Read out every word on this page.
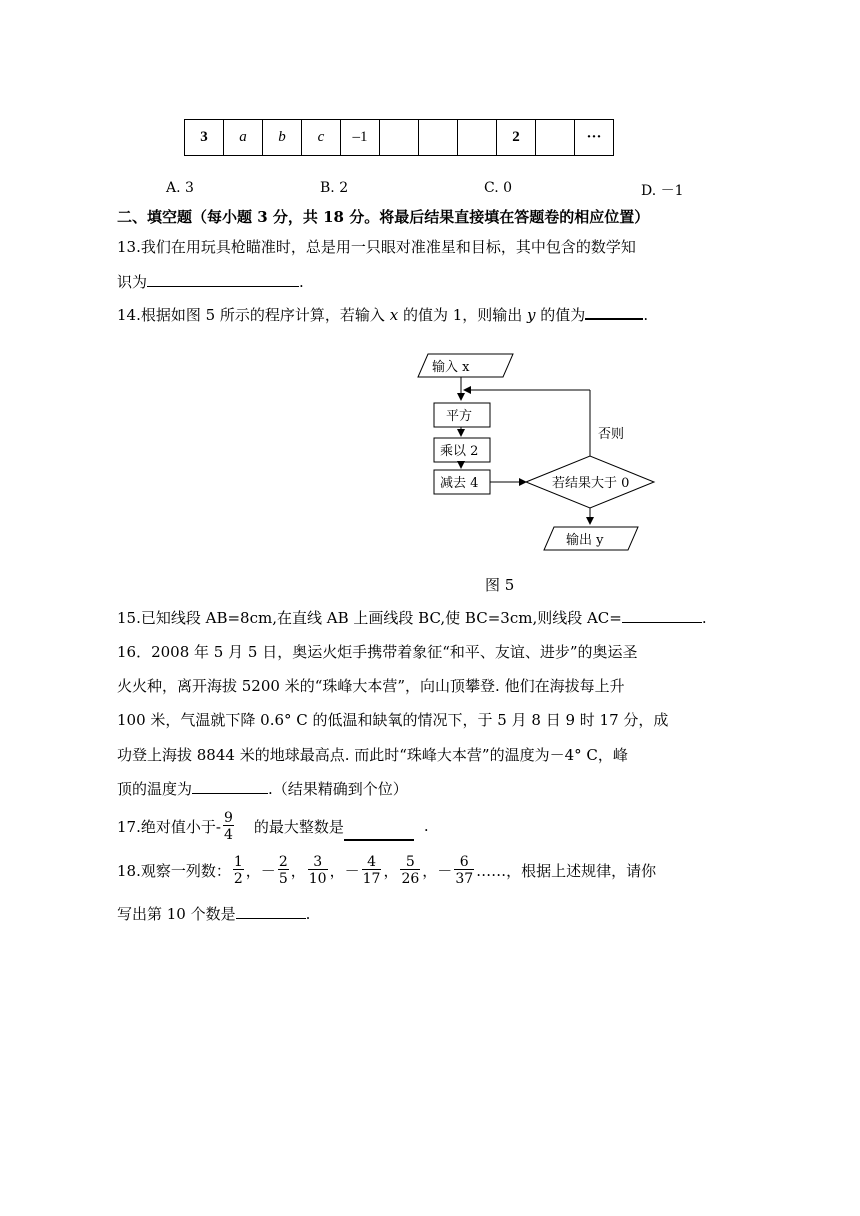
3	a	b	c	–1				2		···
A. 3	B. 2	C. 0	D. －1
二、填空题（每小题 3 分，共 18 分。将最后结果直接填在答题卷的相应位置）
13.我们在用玩具枪瞄准时，总是用一只眼对准准星和目标，其中包含的数学知
识为	.
14.根据如图 5 所示的程序计算，若输入 x 的值为 1，则输出 y 的值为	.
输入 x
平方
乘以 2
减去 4	若结果大于 0
否则
输出 y
图 5
15.已知线段 AB=8cm,在直线 AB 上画线段 BC,使 BC=3cm,则线段 AC=	.
16．2008 年 5 月 5 日，奥运火炬手携带着象征“和平、友谊、进步”的奥运圣
火火种，离开海拔 5200 米的“珠峰大本营”，向山顶攀登. 他们在海拔每上升
100 米，气温就下降 0.6° C 的低温和缺氧的情况下，于 5 月 8 日 9 时 17 分，成
功登上海拔 8844 米的地球最高点. 而此时“珠峰大本营”的温度为－4° C，峰
顶的温度为	.（结果精确到个位）
17.绝对值小于- $\frac{9}{4}$ 的最大整数是	.
18.观察一列数： $\frac{1}{2}$ ， － $\frac{2}{5}$ ， $\frac{3}{10}$ ， － $\frac{4}{17}$ ， $\frac{5}{26}$ ， － $\frac{6}{37}$ ……，根据上述规律，请你
写出第 10 个数是	.
